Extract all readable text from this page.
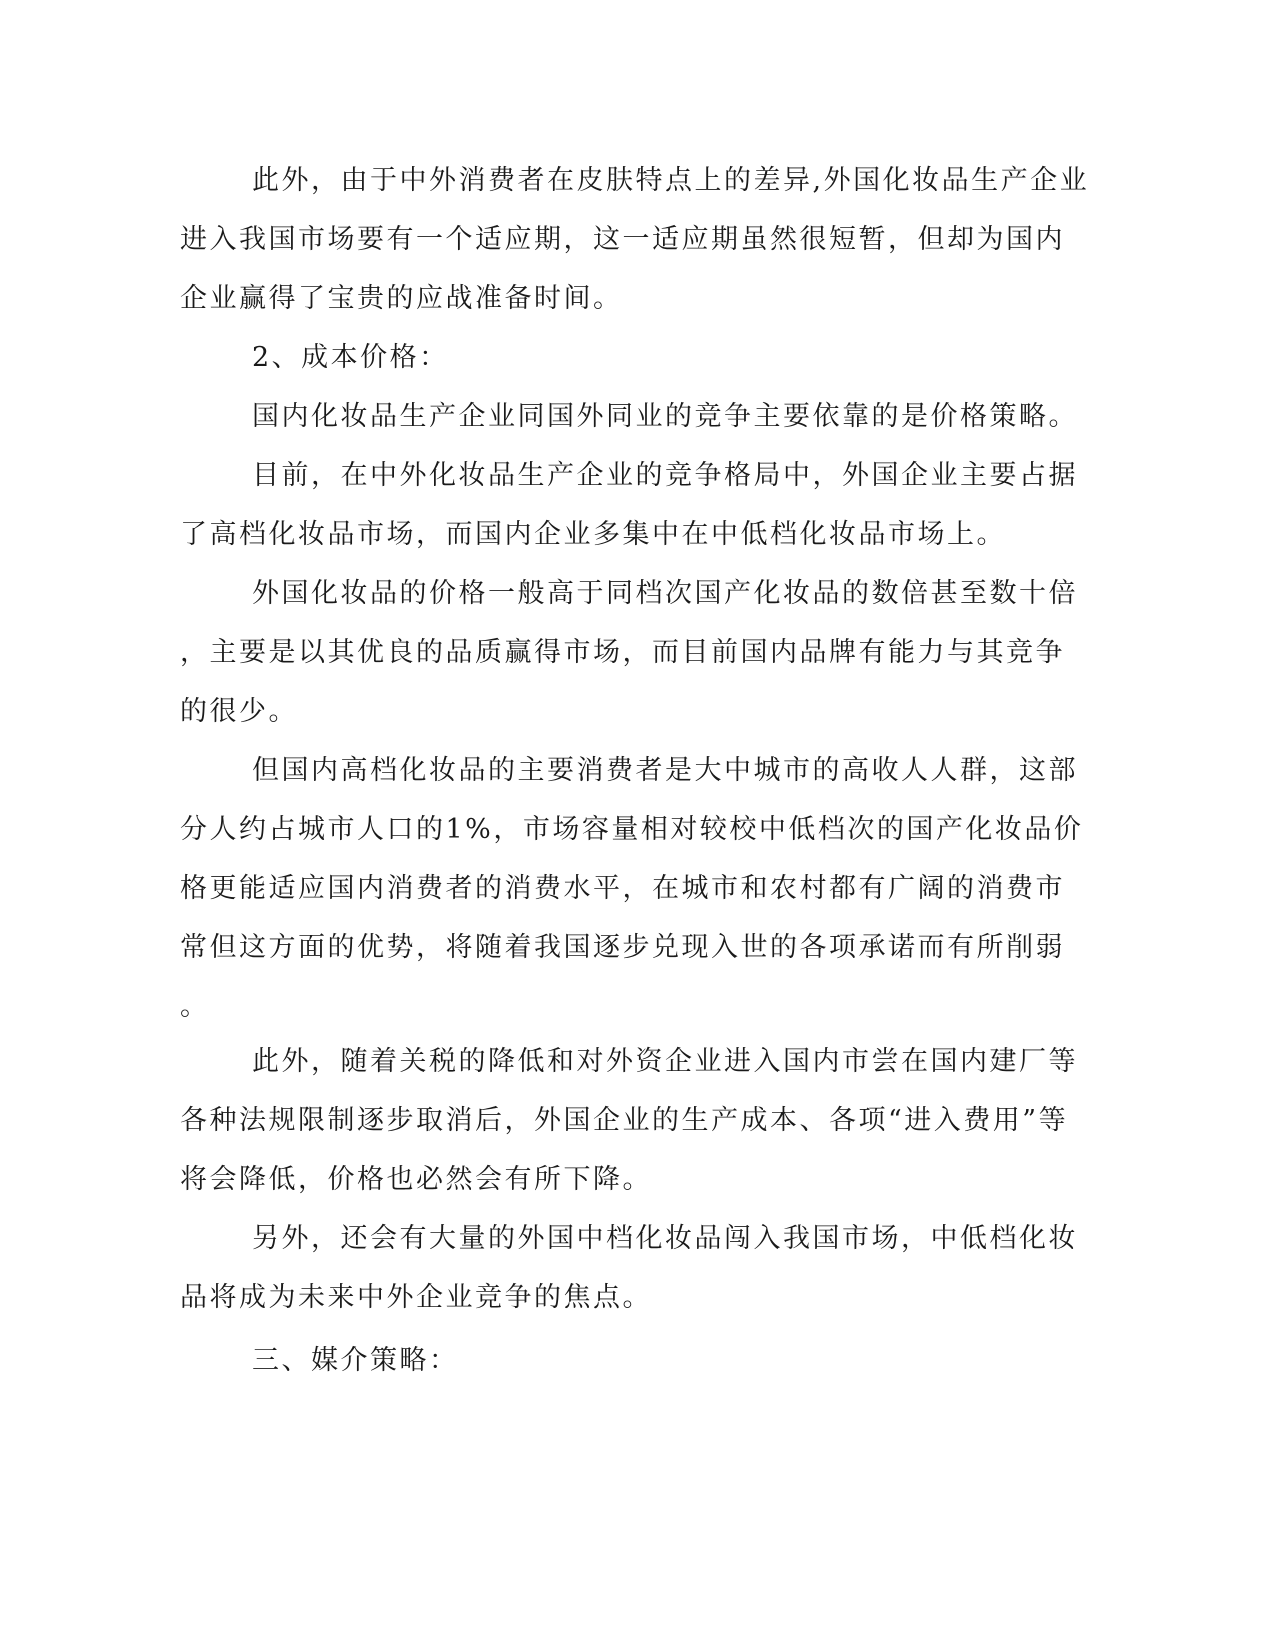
此外，由于中外消费者在皮肤特点上的差异,外国化妆品生产企业
进入我国市场要有一个适应期，这一适应期虽然很短暂，但却为国内
企业赢得了宝贵的应战准备时间。
2、成本价格：
国内化妆品生产企业同国外同业的竞争主要依靠的是价格策略。
目前，在中外化妆品生产企业的竞争格局中，外国企业主要占据
了高档化妆品市场，而国内企业多集中在中低档化妆品市场上。
外国化妆品的价格一般高于同档次国产化妆品的数倍甚至数十倍
，主要是以其优良的品质赢得市场，而目前国内品牌有能力与其竞争
的很少。
但国内高档化妆品的主要消费者是大中城市的高收人人群，这部
分人约占城市人口的1%，市场容量相对较校中低档次的国产化妆品价
格更能适应国内消费者的消费水平，在城市和农村都有广阔的消费市
常但这方面的优势，将随着我国逐步兑现入世的各项承诺而有所削弱
。
此外，随着关税的降低和对外资企业进入国内市尝在国内建厂等
各种法规限制逐步取消后，外国企业的生产成本、各项“进入费用”等
将会降低，价格也必然会有所下降。
另外，还会有大量的外国中档化妆品闯入我国市场，中低档化妆
品将成为未来中外企业竞争的焦点。
三、媒介策略：
